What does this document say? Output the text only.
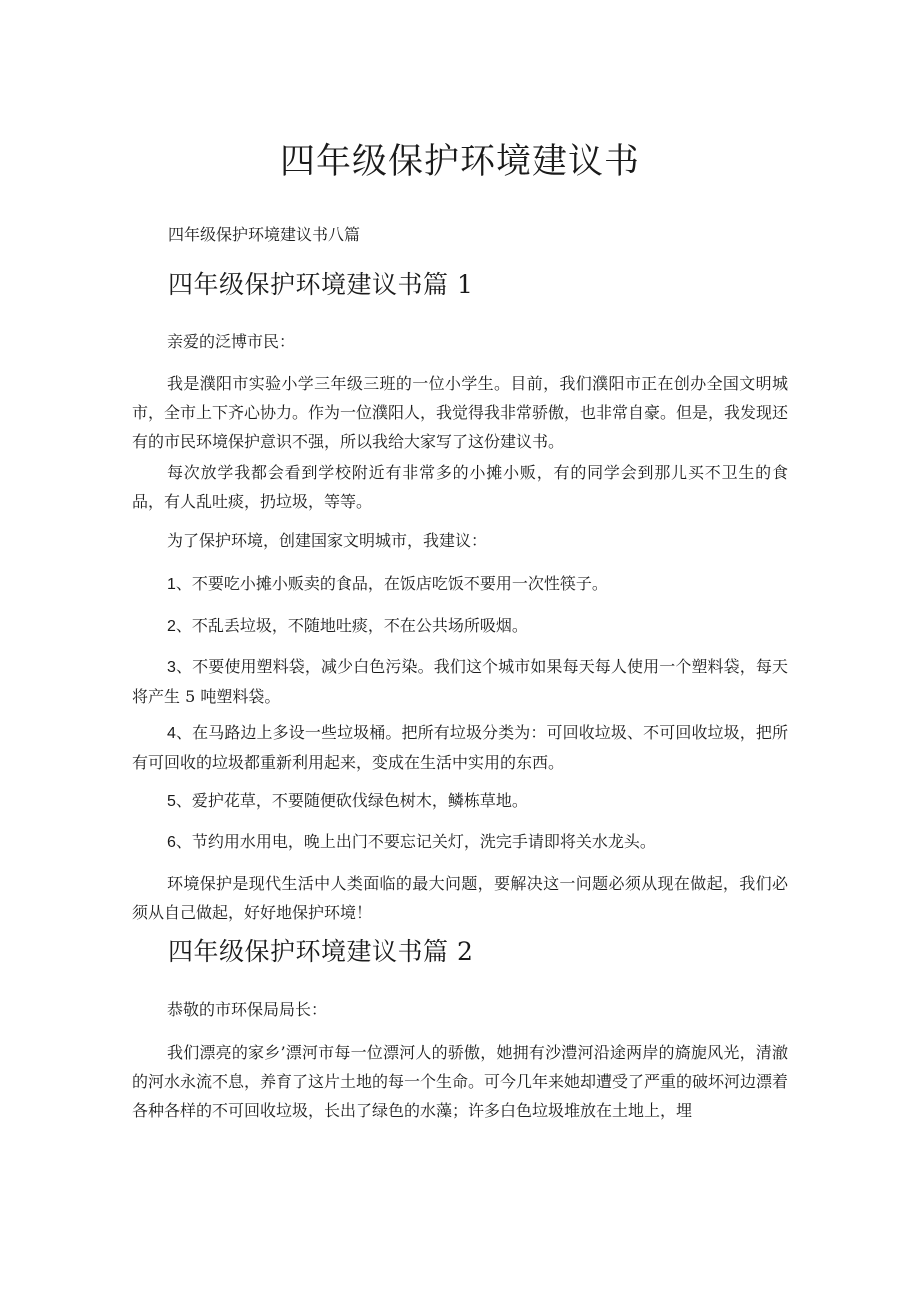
四年级保护环境建议书

四年级保护环境建议书八篇

四年级保护环境建议书篇 1

亲爱的泛博市民：

我是濮阳市实验小学三年级三班的一位小学生。目前，我们濮阳市正在创办全国文明城市，全市上下齐心协力。作为一位濮阳人，我觉得我非常骄傲，也非常自豪。但是，我发现还有的市民环境保护意识不强，所以我给大家写了这份建议书。

每次放学我都会看到学校附近有非常多的小摊小贩，有的同学会到那儿买不卫生的食品，有人乱吐痰，扔垃圾，等等。

为了保护环境，创建国家文明城市，我建议：

1、不要吃小摊小贩卖的食品，在饭店吃饭不要用一次性筷子。

2、不乱丢垃圾，不随地吐痰，不在公共场所吸烟。

3、不要使用塑料袋，减少白色污染。我们这个城市如果每天每人使用一个塑料袋，每天将产生 5 吨塑料袋。

4、在马路边上多设一些垃圾桶。把所有垃圾分类为：可回收垃圾、不可回收垃圾，把所有可回收的垃圾都重新利用起来，变成在生活中实用的东西。

5、爱护花草，不要随便砍伐绿色树木，鳞栋草地。

6、节约用水用电，晚上出门不要忘记关灯，洗完手请即将关水龙头。

环境保护是现代生活中人类面临的最大问题，要解决这一问题必须从现在做起，我们必须从自己做起，好好地保护环境！

四年级保护环境建议书篇 2

恭敬的市环保局局长：

我们漂亮的家乡’漂河市每一位漂河人的骄傲，她拥有沙澧河沿途两岸的旖旎风光，清澈的河水永流不息，养育了这片土地的每一个生命。可今几年来她却遭受了严重的破坏河边漂着各种各样的不可回收垃圾，长出了绿色的水藻；许多白色垃圾堆放在土地上，埋
